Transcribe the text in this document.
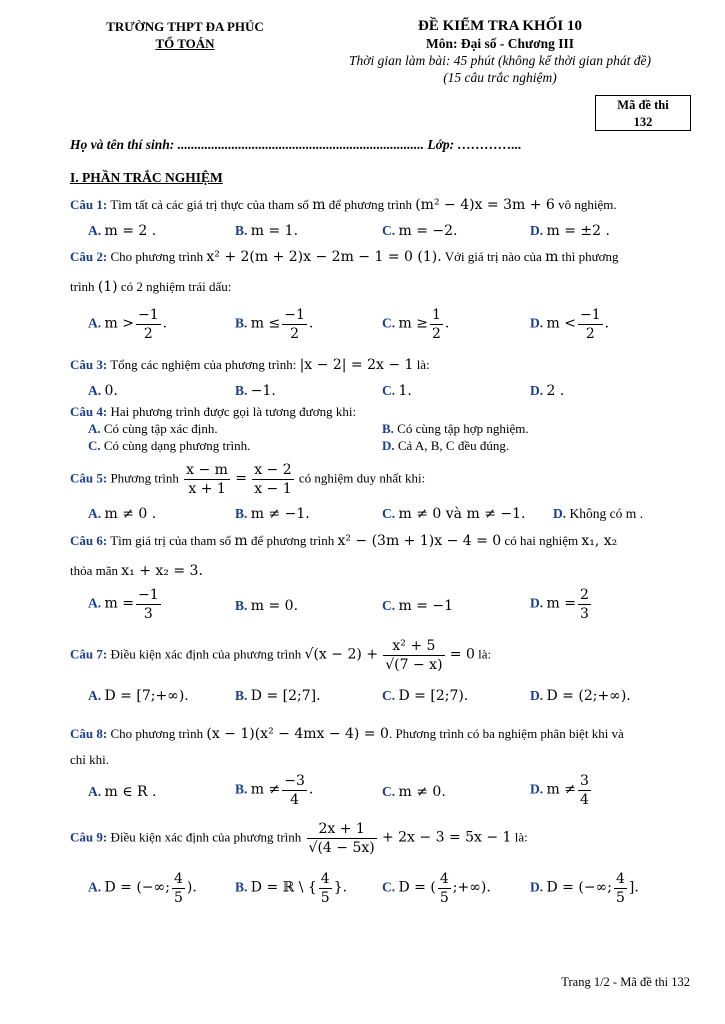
TRƯỜNG THPT ĐA PHÚC
TỔ TOÁN
ĐỀ KIỂM TRA KHỐI 10
Môn: Đại số - Chương III
Thời gian làm bài: 45 phút (không kể thời gian phát đề)
(15 câu trắc nghiệm)
Mã đề thi
132
Họ và tên thí sinh: ......................................................................... Lớp: …………...
I. PHẦN TRẮC NGHIỆM
Câu 1: Tìm tất cả các giá trị thực của tham số m để phương trình (m² − 4)x = 3m + 6 vô nghiệm.
A. m = 2 .	B. m = 1.	C. m = −2.	D. m = ±2 .
Câu 2: Cho phương trình x² + 2(m + 2)x − 2m − 1 = 0 (1). Với giá trị nào của m thì phương
trình (1) có 2 nghiệm trái dấu:
A. $m > \frac{-1}{2}$ .	B. $m \le \frac{-1}{2}$ .	C. $m \ge \frac{1}{2}$ .	D. $m < \frac{-1}{2}$ .
Câu 3: Tổng các nghiệm của phương trình: |x − 2| = 2x − 1 là:
A. 0.	B. −1.	C. 1.	D. 2 .
Câu 4: Hai phương trình được gọi là tương đương khi:
A. Có cùng tập xác định.	B. Có cùng tập hợp nghiệm.
C. Có cùng dạng phương trình.	D. Cả A, B, C đều đúng.
Câu 5: Phương trình $\frac{x - m}{x + 1} = \frac{x - 2}{x - 1}$ có nghiệm duy nhất khi:
A. m ≠ 0 .	B. m ≠ −1.	C. m ≠ 0 và m ≠ −1. D. Không có m .
Câu 6: Tìm giá trị của tham số m để phương trình x² − (3m + 1)x − 4 = 0 có hai nghiệm x₁, x₂
thỏa mãn x₁ + x₂ = 3.
A. $m = \frac{-1}{3}$	B. m = 0.	C. m = −1	D. $m = \frac{2}{3}$
Câu 7: Điều kiện xác định của phương trình $√(x - 2) + \frac{\text{x² + 5}}{√(7 - x)} = 0$ là:
A. D = [7;+∞).	B. D = [2;7].	C. D = [2;7).	D. D = (2;+∞).
Câu 8: Cho phương trình (x − 1)(x² − 4mx − 4) = 0. Phương trình có ba nghiệm phân biệt khi và
chỉ khi.
A. m ∈ R .	B. $m \ne \frac{-3}{4}$ .	C. m ≠ 0.	D. $m \ne \frac{3}{4}$
Câu 9: Điều kiện xác định của phương trình $\frac{2x + 1}{√(4 - 5x)} + 2x - 3 = 5x - 1$ là:
A. D = (−∞; $\frac{4}{5}$ ).	B. D = ℝ \ { $\frac{4}{5}$ }.	C. D = ( $\frac{4}{5}$ ;+∞).	D. D = (−∞; $\frac{4}{5}$ ].
Trang 1/2 - Mã đề thi 132
